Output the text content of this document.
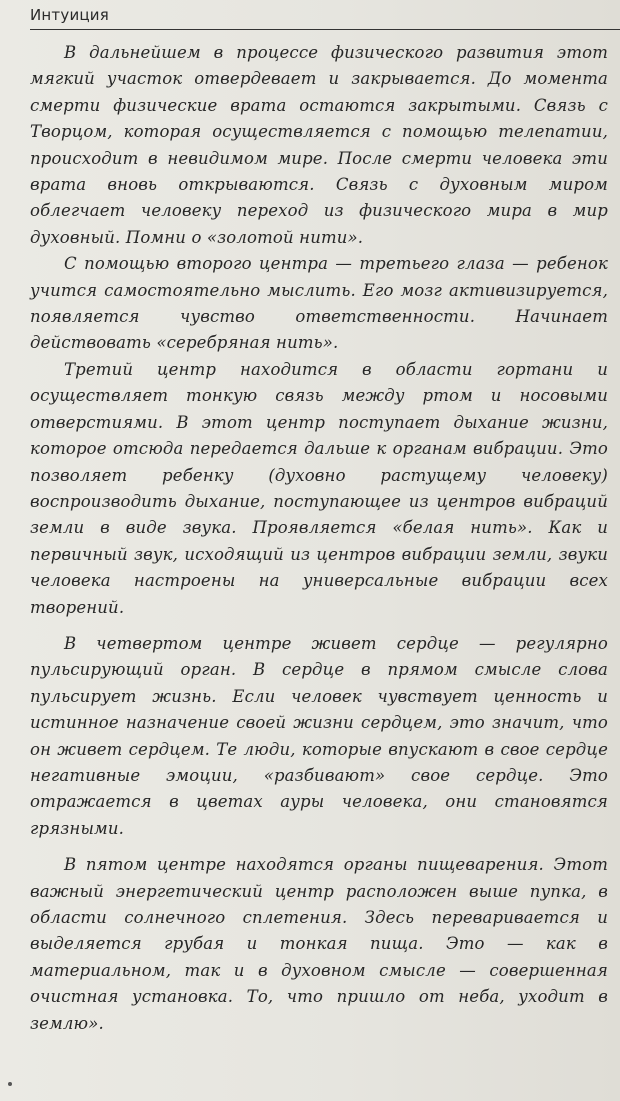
Интуиция

В дальнейшем в процессе физического развития этот мягкий участок отвердевает и закрывается. До момента смерти физические врата остаются закрытыми. Связь с Творцом, которая осуществляется с помощью телепатии, происходит в невидимом мире. После смерти человека эти врата вновь открываются. Связь с духовным миром облегчает человеку переход из физического мира в мир духовный. Помни о «золотой нити».

С помощью второго центра — третьего глаза — ребенок учится самостоятельно мыслить. Его мозг активизируется, появляется чувство ответственности. Начинает действовать «серебряная нить».

Третий центр находится в области гортани и осуществляет тонкую связь между ртом и носовыми отверстиями. В этот центр поступает дыхание жизни, которое отсюда передается дальше к органам вибрации. Это позволяет ребенку (духовно растущему человеку) воспроизводить дыхание, поступающее из центров вибраций земли в виде звука. Проявляется «белая нить». Как и первичный звук, исходящий из центров вибрации земли, звуки человека настроены на универсальные вибрации всех творений.

В четвертом центре живет сердце — регулярно пульсирующий орган. В сердце в прямом смысле слова пульсирует жизнь. Если человек чувствует ценность и истинное назначение своей жизни сердцем, это значит, что он живет сердцем. Те люди, которые впускают в свое сердце негативные эмоции, «разбивают» свое сердце. Это отражается в цветах ауры человека, они становятся грязными.

В пятом центре находятся органы пищеварения. Этот важный энергетический центр расположен выше пупка, в области солнечного сплетения. Здесь переваривается и выделяется грубая и тонкая пища. Это — как в материальном, так и в духовном смысле — совершенная очистная установка. То, что пришло от неба, уходит в землю».
